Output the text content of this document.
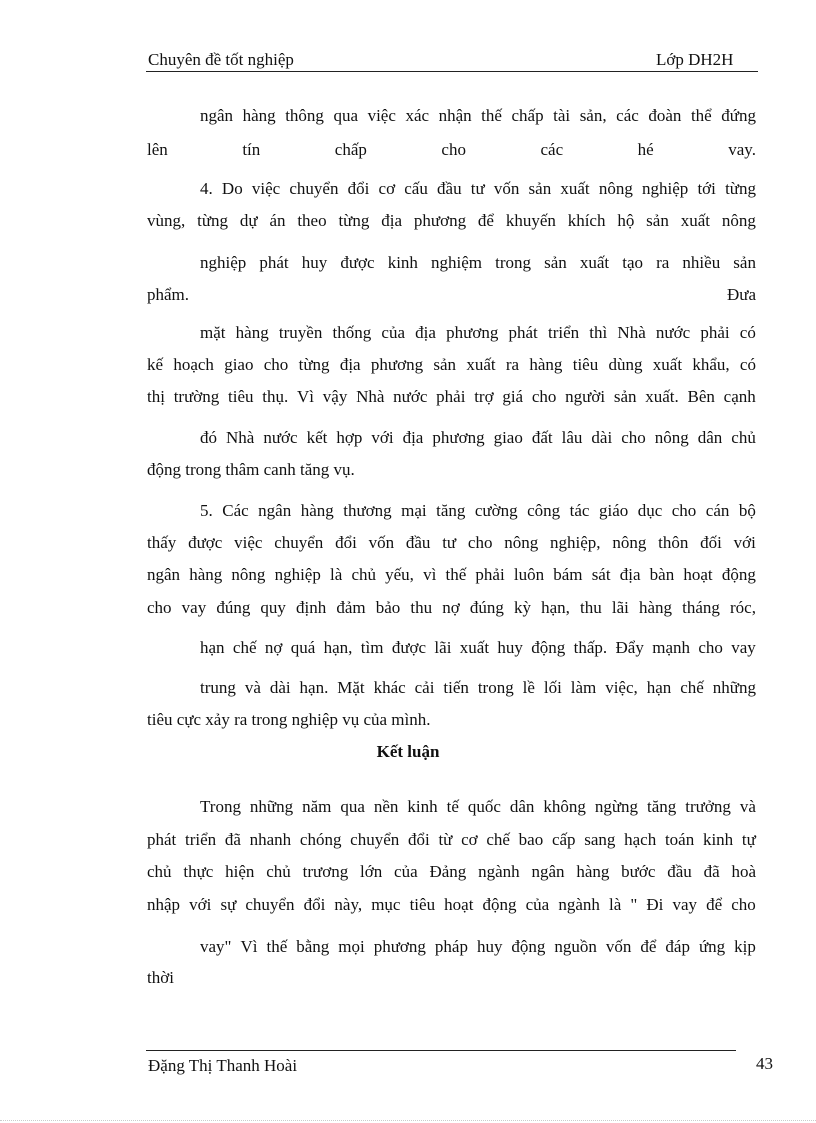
Chuyên đề tốt nghiệp	Lớp DH2H
ngân hàng thông qua việc xác nhận thế chấp tài sản, các đoàn thể đứng
lên	tín	chấp	cho	các	hé	vay.
4. Do việc chuyển đổi cơ cấu đầu tư vốn sản xuất nông nghiệp tới từng
vùng, từng dự án theo từng địa phương để khuyến khích hộ sản xuất nông
nghiệp phát huy được kinh nghiệm trong sản xuất tạo ra nhiều sản
phẩm.	Đưa
mặt hàng truyền thống của địa phương phát triển thì Nhà nước phải có
kế hoạch giao cho từng địa phương sản xuất ra hàng tiêu dùng xuất khẩu, có
thị trường tiêu thụ. Vì vậy Nhà nước phải trợ giá cho người sản xuất. Bên cạnh
đó Nhà nước kết hợp với địa phương giao đất lâu dài cho nông dân chủ
động trong thâm canh tăng vụ.
5. Các ngân hàng thương mại tăng cường công tác giáo dục cho cán bộ
thấy được việc chuyển đổi vốn đầu tư cho nông nghiệp, nông thôn đối với
ngân hàng nông nghiệp là chủ yếu, vì thế phải luôn bám sát địa bàn hoạt động
cho vay đúng quy định đảm bảo thu nợ đúng kỳ hạn, thu lãi hàng tháng róc,
hạn chế nợ quá hạn, tìm được lãi xuất huy động thấp. Đẩy mạnh cho vay
trung và dài hạn. Mặt khác cải tiến trong lề lối làm việc, hạn chế những
tiêu cực xảy ra trong nghiệp vụ của mình.
Trong những năm qua nền kinh tế quốc dân không ngừng tăng trưởng và
phát triển đã nhanh chóng chuyển đổi từ cơ chế bao cấp sang hạch toán kinh tự
chủ thực hiện chủ trương lớn của Đảng ngành ngân hàng bước đầu đã hoà
nhập với sự chuyển đổi này, mục tiêu hoạt động của ngành là " Đi vay để cho
vay" Vì thế bằng mọi phương pháp huy động nguồn vốn để đáp ứng kịp
thời
Kết luận
Đặng Thị Thanh Hoài	43
